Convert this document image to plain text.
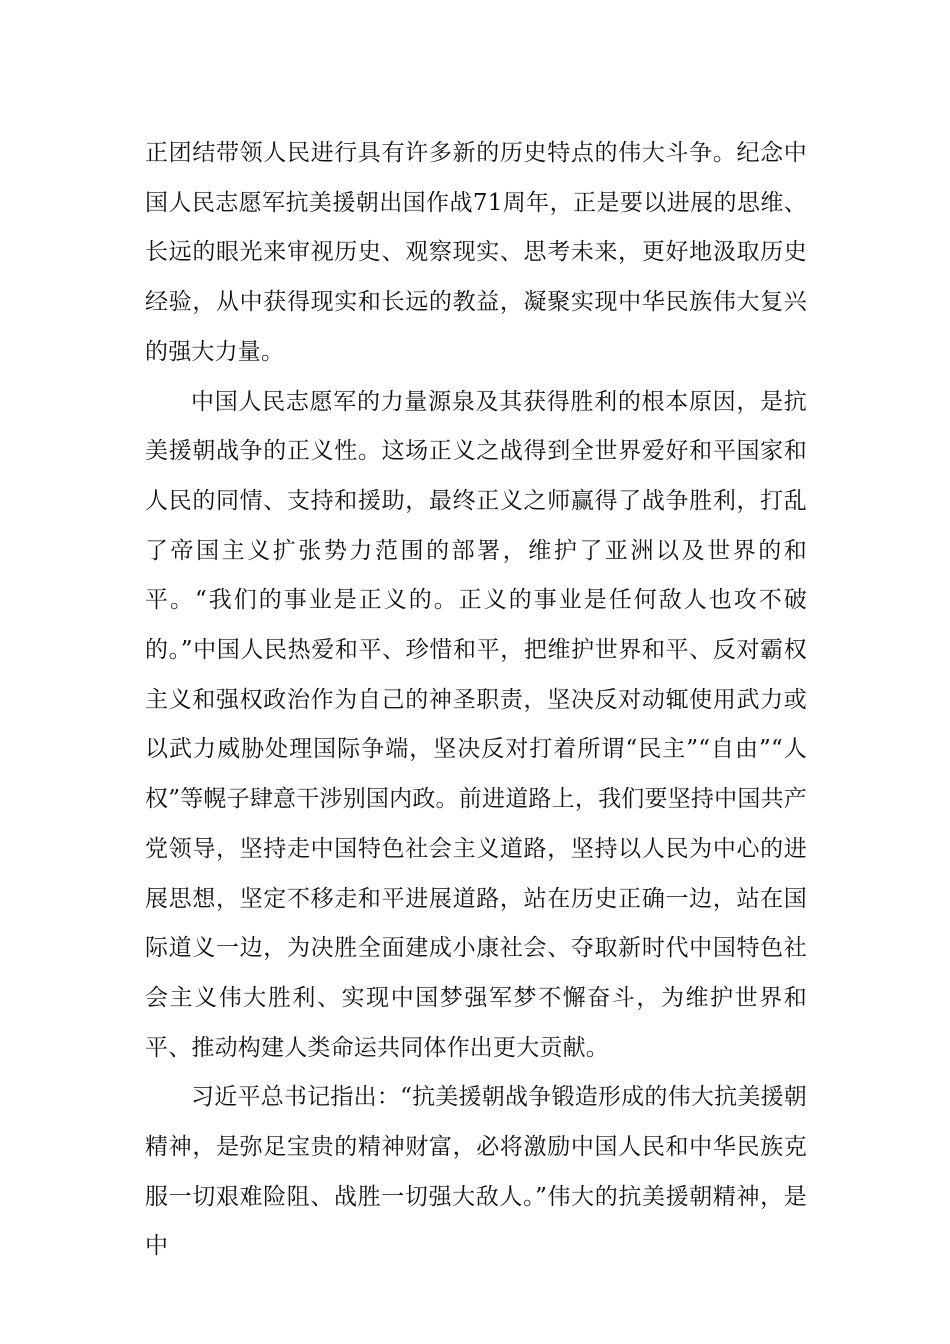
正团结带领人民进行具有许多新的历史特点的伟大斗争。纪念中国人民志愿军抗美援朝出国作战71周年，正是要以进展的思维、长远的眼光来审视历史、观察现实、思考未来，更好地汲取历史经验，从中获得现实和长远的教益，凝聚实现中华民族伟大复兴的强大力量。

中国人民志愿军的力量源泉及其获得胜利的根本原因，是抗美援朝战争的正义性。这场正义之战得到全世界爱好和平国家和人民的同情、支持和援助，最终正义之师赢得了战争胜利，打乱了帝国主义扩张势力范围的部署，维护了亚洲以及世界的和平。“我们的事业是正义的。正义的事业是任何敌人也攻不破的。”中国人民热爱和平、珍惜和平，把维护世界和平、反对霸权主义和强权政治作为自己的神圣职责，坚决反对动辄使用武力或以武力威胁处理国际争端，坚决反对打着所谓“民主”“自由”“人权”等幌子肆意干涉别国内政。前进道路上，我们要坚持中国共产党领导，坚持走中国特色社会主义道路，坚持以人民为中心的进展思想，坚定不移走和平进展道路，站在历史正确一边，站在国际道义一边，为决胜全面建成小康社会、夺取新时代中国特色社会主义伟大胜利、实现中国梦强军梦不懈奋斗，为维护世界和平、推动构建人类命运共同体作出更大贡献。

习近平总书记指出：“抗美援朝战争锻造形成的伟大抗美援朝精神，是弥足宝贵的精神财富，必将激励中国人民和中华民族克服一切艰难险阻、战胜一切强大敌人。”伟大的抗美援朝精神，是中
